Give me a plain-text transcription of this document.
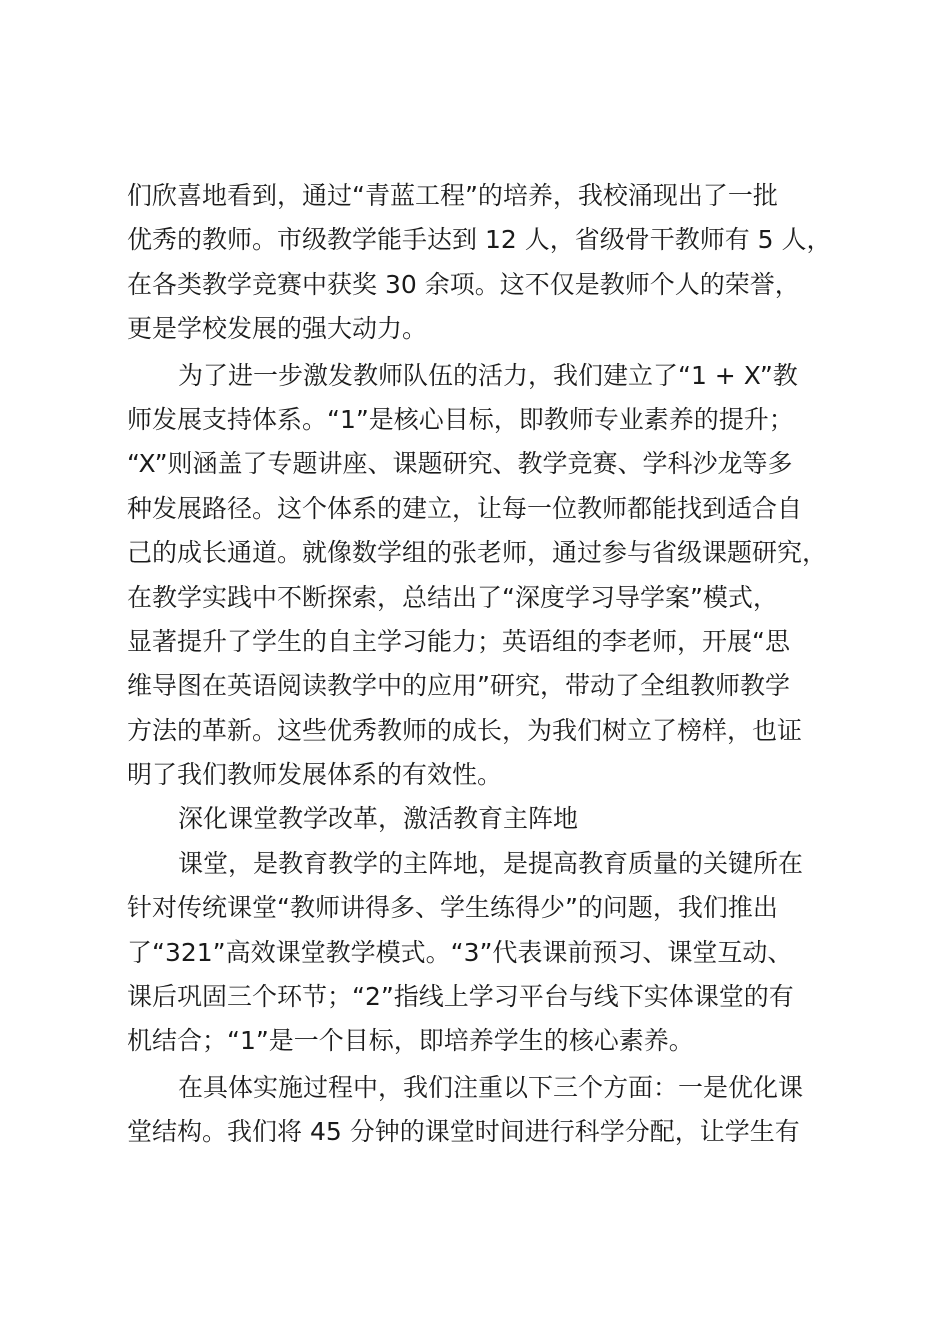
们欣喜地看到，通过“青蓝工程”的培养，我校涌现出了一批
优秀的教师。市级教学能手达到 12 人，省级骨干教师有 5 人，
在各类教学竞赛中获奖 30 余项。这不仅是教师个人的荣誉，
更是学校发展的强大动力。
为了进一步激发教师队伍的活力，我们建立了“1 + X”教
师发展支持体系。“1”是核心目标，即教师专业素养的提升；
“X”则涵盖了专题讲座、课题研究、教学竞赛、学科沙龙等多
种发展路径。这个体系的建立，让每一位教师都能找到适合自
己的成长通道。就像数学组的张老师，通过参与省级课题研究，
在教学实践中不断探索，总结出了“深度学习导学案”模式，
显著提升了学生的自主学习能力；英语组的李老师，开展“思
维导图在英语阅读教学中的应用”研究，带动了全组教师教学
方法的革新。这些优秀教师的成长，为我们树立了榜样，也证
明了我们教师发展体系的有效性。
深化课堂教学改革，激活教育主阵地
课堂，是教育教学的主阵地，是提高教育质量的关键所在
针对传统课堂“教师讲得多、学生练得少”的问题，我们推出
了“321”高效课堂教学模式。“3”代表课前预习、课堂互动、
课后巩固三个环节；“2”指线上学习平台与线下实体课堂的有
机结合；“1”是一个目标，即培养学生的核心素养。
在具体实施过程中，我们注重以下三个方面：一是优化课
堂结构。我们将 45 分钟的课堂时间进行科学分配，让学生有
